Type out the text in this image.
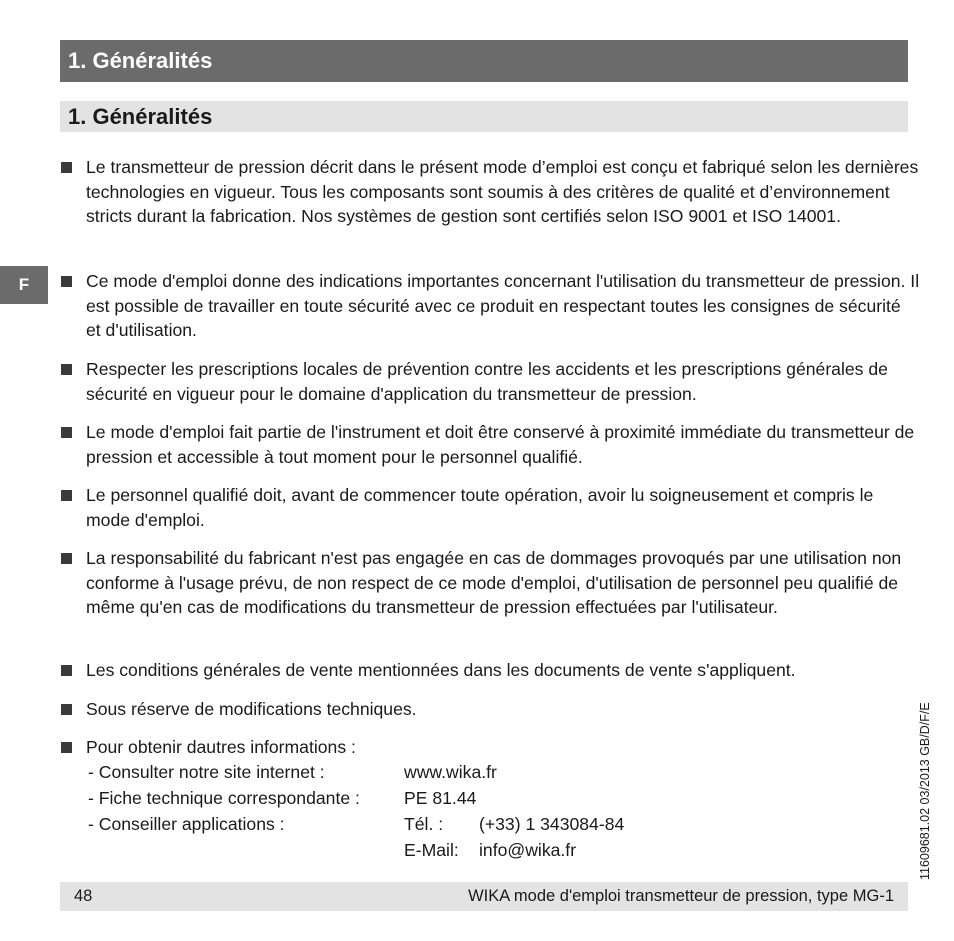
1. Généralités
1. Généralités
F
Le transmetteur de pression décrit dans le présent mode d’emploi est conçu et fabriqué selon les dernières technologies en vigueur. Tous les composants sont soumis à des critères de qualité et d’environnement stricts durant la fabrication. Nos systèmes de gestion sont certifiés selon ISO 9001 et ISO 14001.
Ce mode d'emploi donne des indications importantes concernant l'utilisation du transmetteur de pression. Il est possible de travailler en toute sécurité avec ce produit en respectant toutes les consignes de sécurité et d'utilisation.
Respecter les prescriptions locales de prévention contre les accidents et les prescriptions générales de sécurité en vigueur pour le domaine d'application du transmetteur de pression.
Le mode d'emploi fait partie de l'instrument et doit être conservé à proximité immédiate du transmetteur de pression et accessible à tout moment pour le personnel qualifié.
Le personnel qualifié doit, avant de commencer toute opération, avoir lu soigneusement et compris le mode d'emploi.
La responsabilité du fabricant n'est pas engagée en cas de dommages provoqués par une utilisation non conforme à l'usage prévu, de non respect de ce mode d'emploi, d'utilisation de personnel peu qualifié de même qu'en cas de modifications du transmetteur de pression effectuées par l'utilisateur.
Les conditions générales de vente mentionnées dans les documents de vente s'appliquent.
Sous réserve de modifications techniques.
Pour obtenir dautres informations :
- Consulter notre site internet :	www.wika.fr
- Fiche technique correspondante :	PE 81.44
- Conseiller applications :	Tél. : (+33) 1 343084-84
E-Mail: info@wika.fr
48	WIKA mode d'emploi transmetteur de pression, type MG-1
11609681.02 03/2013 GB/D/F/E
